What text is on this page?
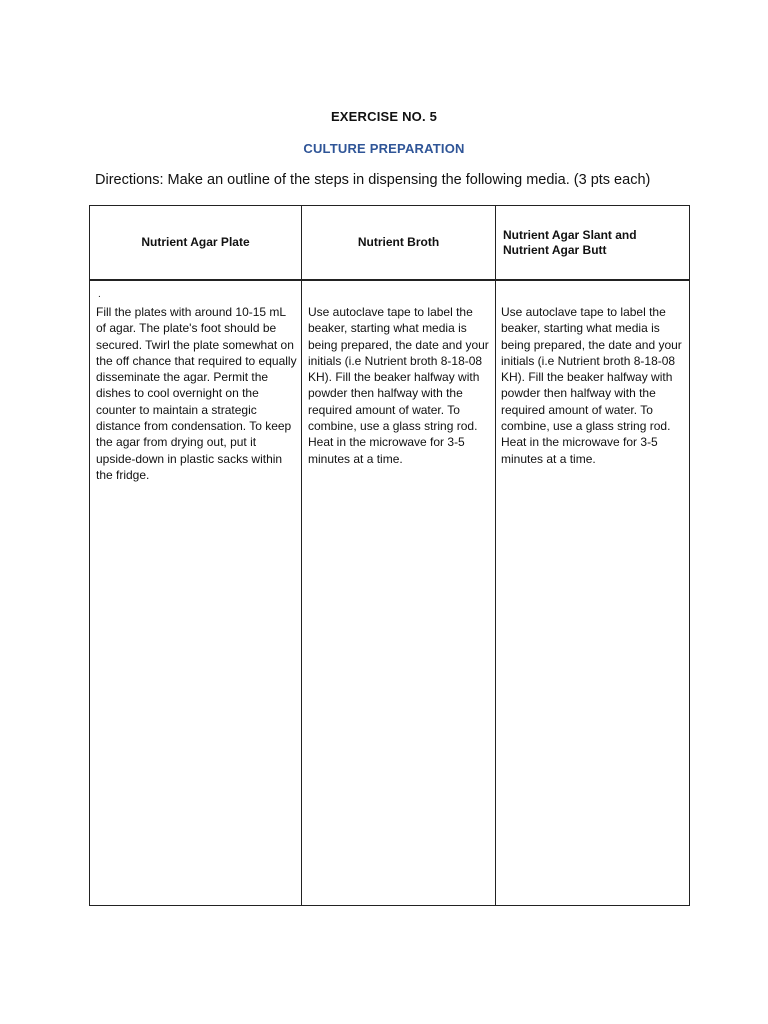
EXERCISE NO. 5
CULTURE PREPARATION
Directions: Make an outline of the steps in dispensing the following media. (3 pts each)
Nutrient Agar Plate	Nutrient Broth
Nutrient Agar Slant and Nutrient Agar Butt
.
Fill the plates with around 10-15 mL of agar. The plate's foot should be secured. Twirl the plate somewhat on the off chance that required to equally disseminate the agar. Permit the dishes to cool overnight on the counter to maintain a strategic distance from condensation. To keep the agar from drying out, put it upside-down in plastic sacks within the fridge.
Use autoclave tape to label the beaker, starting what media is being prepared, the date and your initials (i.e Nutrient broth 8-18-08 KH). Fill the beaker halfway with powder then halfway with the required amount of water. To combine, use a glass string rod. Heat in the microwave for 3-5 minutes at a time.
Use autoclave tape to label the beaker, starting what media is being prepared, the date and your initials (i.e Nutrient broth 8-18-08 KH). Fill the beaker halfway with powder then halfway with the required amount of water. To combine, use a glass string rod. Heat in the microwave for 3-5 minutes at a time.
